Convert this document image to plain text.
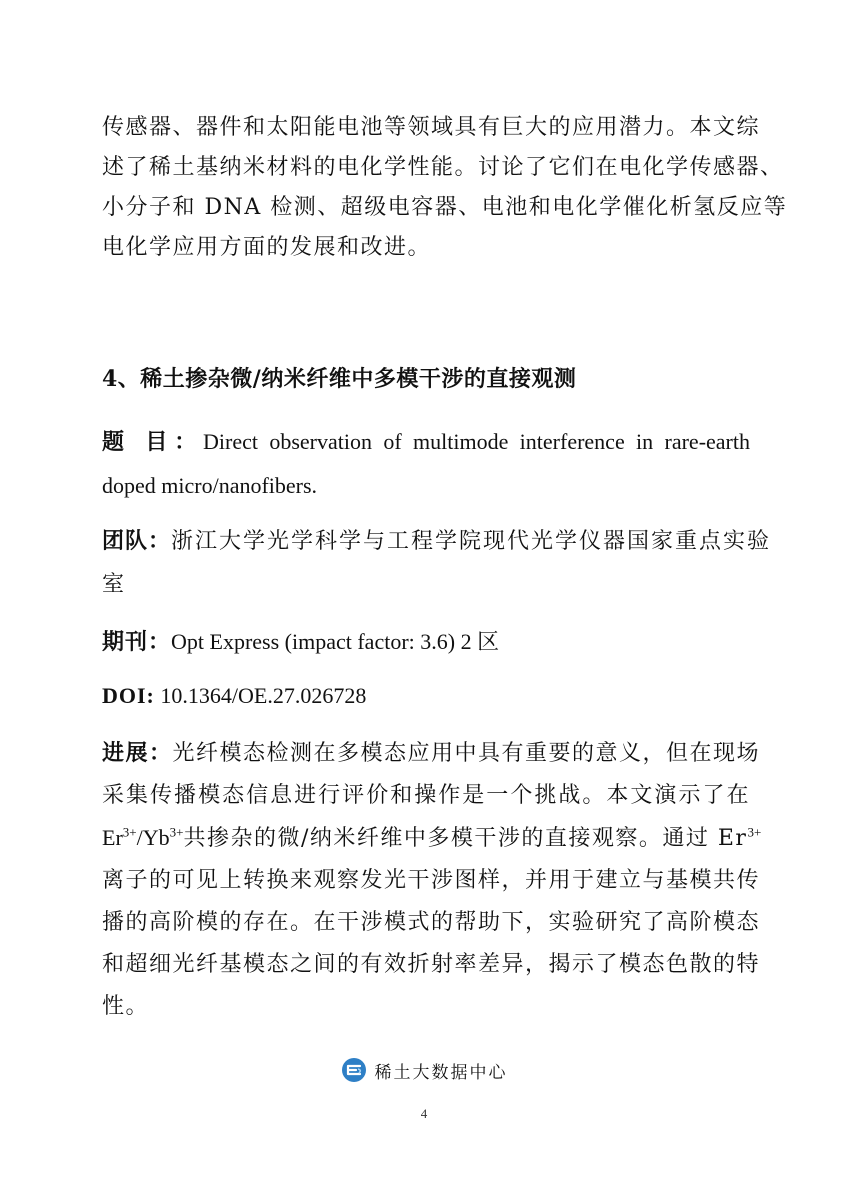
传感器、器件和太阳能电池等领域具有巨大的应用潜力。本文综
述了稀土基纳米材料的电化学性能。讨论了它们在电化学传感器、
小分子和 DNA 检测、超级电容器、电池和电化学催化析氢反应等
电化学应用方面的发展和改进。
4、稀土掺杂微/纳米纤维中多模干涉的直接观测
题 目：Direct observation of multimode interference in rare-earth
doped micro/nanofibers.
团队：浙江大学光学科学与工程学院现代光学仪器国家重点实验
室
期刊：Opt Express (impact factor: 3.6) 2 区
DOI: 10.1364/OE.27.026728
进展：光纤模态检测在多模态应用中具有重要的意义，但在现场
采集传播模态信息进行评价和操作是一个挑战。本文演示了在
$Er^{3+}/Yb^{3+}$共掺杂的微/纳米纤维中多模干涉的直接观察。通过 $Er^{3+}$
离子的可见上转换来观察发光干涉图样，并用于建立与基模共传
播的高阶模的存在。在干涉模式的帮助下，实验研究了高阶模态
和超细光纤基模态之间的有效折射率差异，揭示了模态色散的特
性。
稀土大数据中心
4
